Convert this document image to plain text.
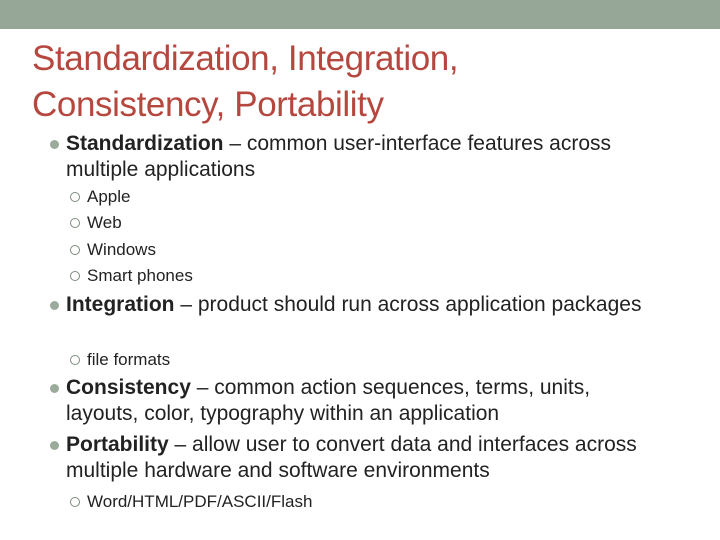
Standardization, Integration,
Consistency, Portability
Standardization – common user-interface features across multiple applications
Apple
Web
Windows
Smart phones
Integration – product should run across application packages
file formats
Consistency – common action sequences, terms, units, layouts, color, typography within an application
Portability – allow user to convert data and interfaces across multiple hardware and software environments
Word/HTML/PDF/ASCII/Flash
